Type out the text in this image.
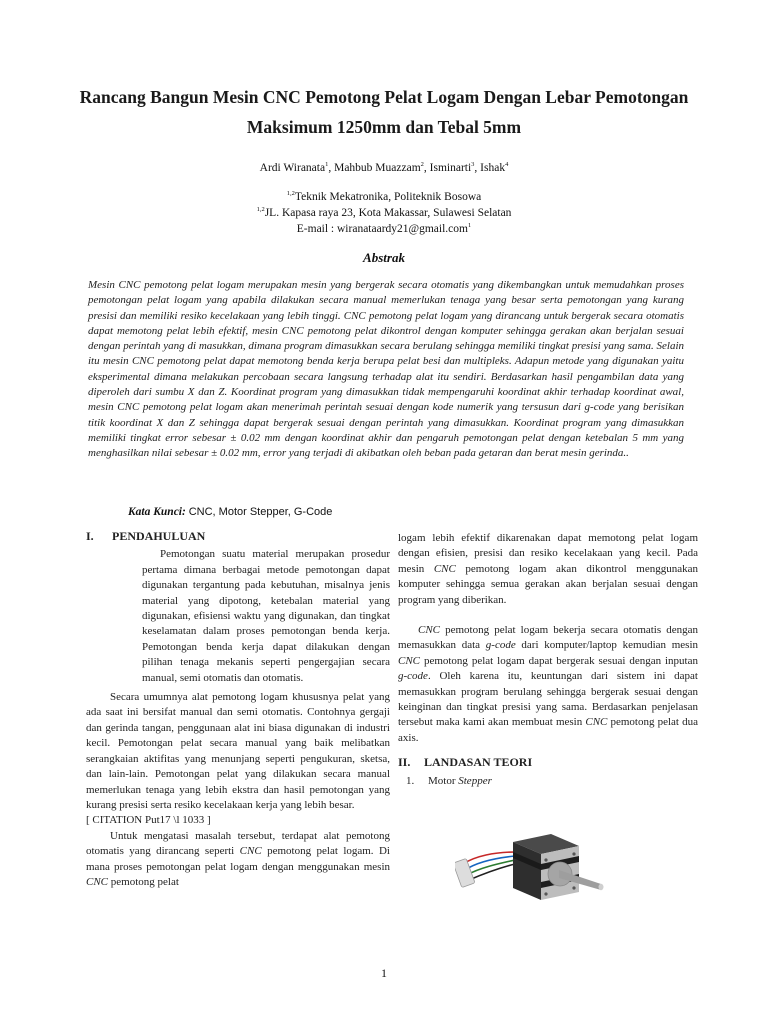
Rancang Bangun Mesin CNC Pemotong Pelat Logam Dengan Lebar Pemotongan
Maksimum 1250mm dan Tebal 5mm
Ardi Wiranata$^1$, Mahbub Muazzam$^2$, Isminarti$^3$, Ishak$^4$
$^{1,2}$Teknik Mekatronika, Politeknik Bosowa
$^{1,2}$JL. Kapasa raya 23, Kota Makassar, Sulawesi Selatan
E-mail : wiranataardy21@gmail.com$^1$
Abstrak
Mesin CNC pemotong pelat logam merupakan mesin yang bergerak secara otomatis yang dikembangkan untuk memudahkan proses pemotongan pelat logam yang apabila dilakukan secara manual memerlukan tenaga yang besar serta pemotongan yang kurang presisi dan memiliki resiko kecelakaan yang lebih tinggi. CNC pemotong pelat logam yang dirancang untuk bergerak secara otomatis dapat memotong pelat lebih efektif, mesin CNC pemotong pelat dikontrol dengan komputer sehingga gerakan akan berjalan sesuai dengan perintah yang di masukkan, dimana program dimasukkan secara berulang sehingga memiliki tingkat presisi yang sama. Selain itu mesin CNC pemotong pelat dapat memotong benda kerja berupa pelat besi dan multipleks. Adapun metode yang digunakan yaitu eksperimental dimana melakukan percobaan secara langsung terhadap alat itu sendiri. Berdasarkan hasil pengambilan data yang diperoleh dari sumbu X dan Z. Koordinat program yang dimasukkan tidak mempengaruhi koordinat akhir terhadap koordinat awal, mesin CNC pemotong pelat logam akan menerimah perintah sesuai dengan kode numerik yang tersusun dari g-code yang berisikan titik koordinat X dan Z sehingga dapat bergerak sesuai dengan perintah yang dimasukkan. Koordinat program yang dimasukkan memiliki tingkat error sebesar ± 0.02 mm dengan koordinat akhir dan pengaruh pemotongan pelat dengan ketebalan 5 mm yang menghasilkan nilai sebesar ± 0.02 mm, error yang terjadi di akibatkan oleh beban pada getaran dan berat mesin gerinda..
Kata Kunci: CNC, Motor Stepper, G-Code
I. PENDAHULUAN
Pemotongan suatu material merupakan prosedur pertama dimana berbagai metode pemotongan dapat digunakan tergantung pada kebutuhan, misalnya jenis material yang dipotong, ketebalan material yang digunakan, efisiensi waktu yang digunakan, dan tingkat keselamatan dalam proses pemotongan benda kerja. Pemotongan benda kerja dapat dilakukan dengan pilihan tenaga mekanis seperti pengergajian secara manual, semi otomatis dan otomatis.
Secara umumnya alat pemotong logam khususnya pelat yang ada saat ini bersifat manual dan semi otomatis. Contohnya gergaji dan gerinda tangan, penggunaan alat ini biasa digunakan di industri kecil. Pemotongan pelat secara manual yang baik melibatkan serangkaian aktifitas yang menunjang seperti pengukuran, sketsa, dan lain-lain. Pemotongan pelat yang dilakukan secara manual memerlukan tenaga yang lebih ekstra dan hasil pemotongan yang kurang presisi serta resiko kecelakaan kerja yang lebih besar.
[ CITATION Put17 \l 1033 ]
Untuk mengatasi masalah tersebut, terdapat alat pemotong otomatis yang dirancang seperti CNC pemotong pelat logam. Di mana proses pemotongan pelat logam dengan menggunakan mesin CNC pemotong pelat
logam lebih efektif dikarenakan dapat memotong pelat logam dengan efisien, presisi dan resiko kecelakaan yang kecil. Pada mesin CNC pemotong logam akan dikontrol menggunakan komputer sehingga semua gerakan akan berjalan sesuai dengan program yang diberikan.
CNC pemotong pelat logam bekerja secara otomatis dengan memasukkan data g-code dari komputer/laptop kemudian mesin CNC pemotong pelat logam dapat bergerak sesuai dengan inputan g-code. Oleh karena itu, keuntungan dari sistem ini dapat memasukkan program berulang sehingga bergerak sesuai dengan keinginan dan tingkat presisi yang sama. Berdasarkan penjelasan tersebut maka kami akan membuat mesin CNC pemotong pelat dua axis.
II. LANDASAN TEORI
1. Motor Stepper
1
